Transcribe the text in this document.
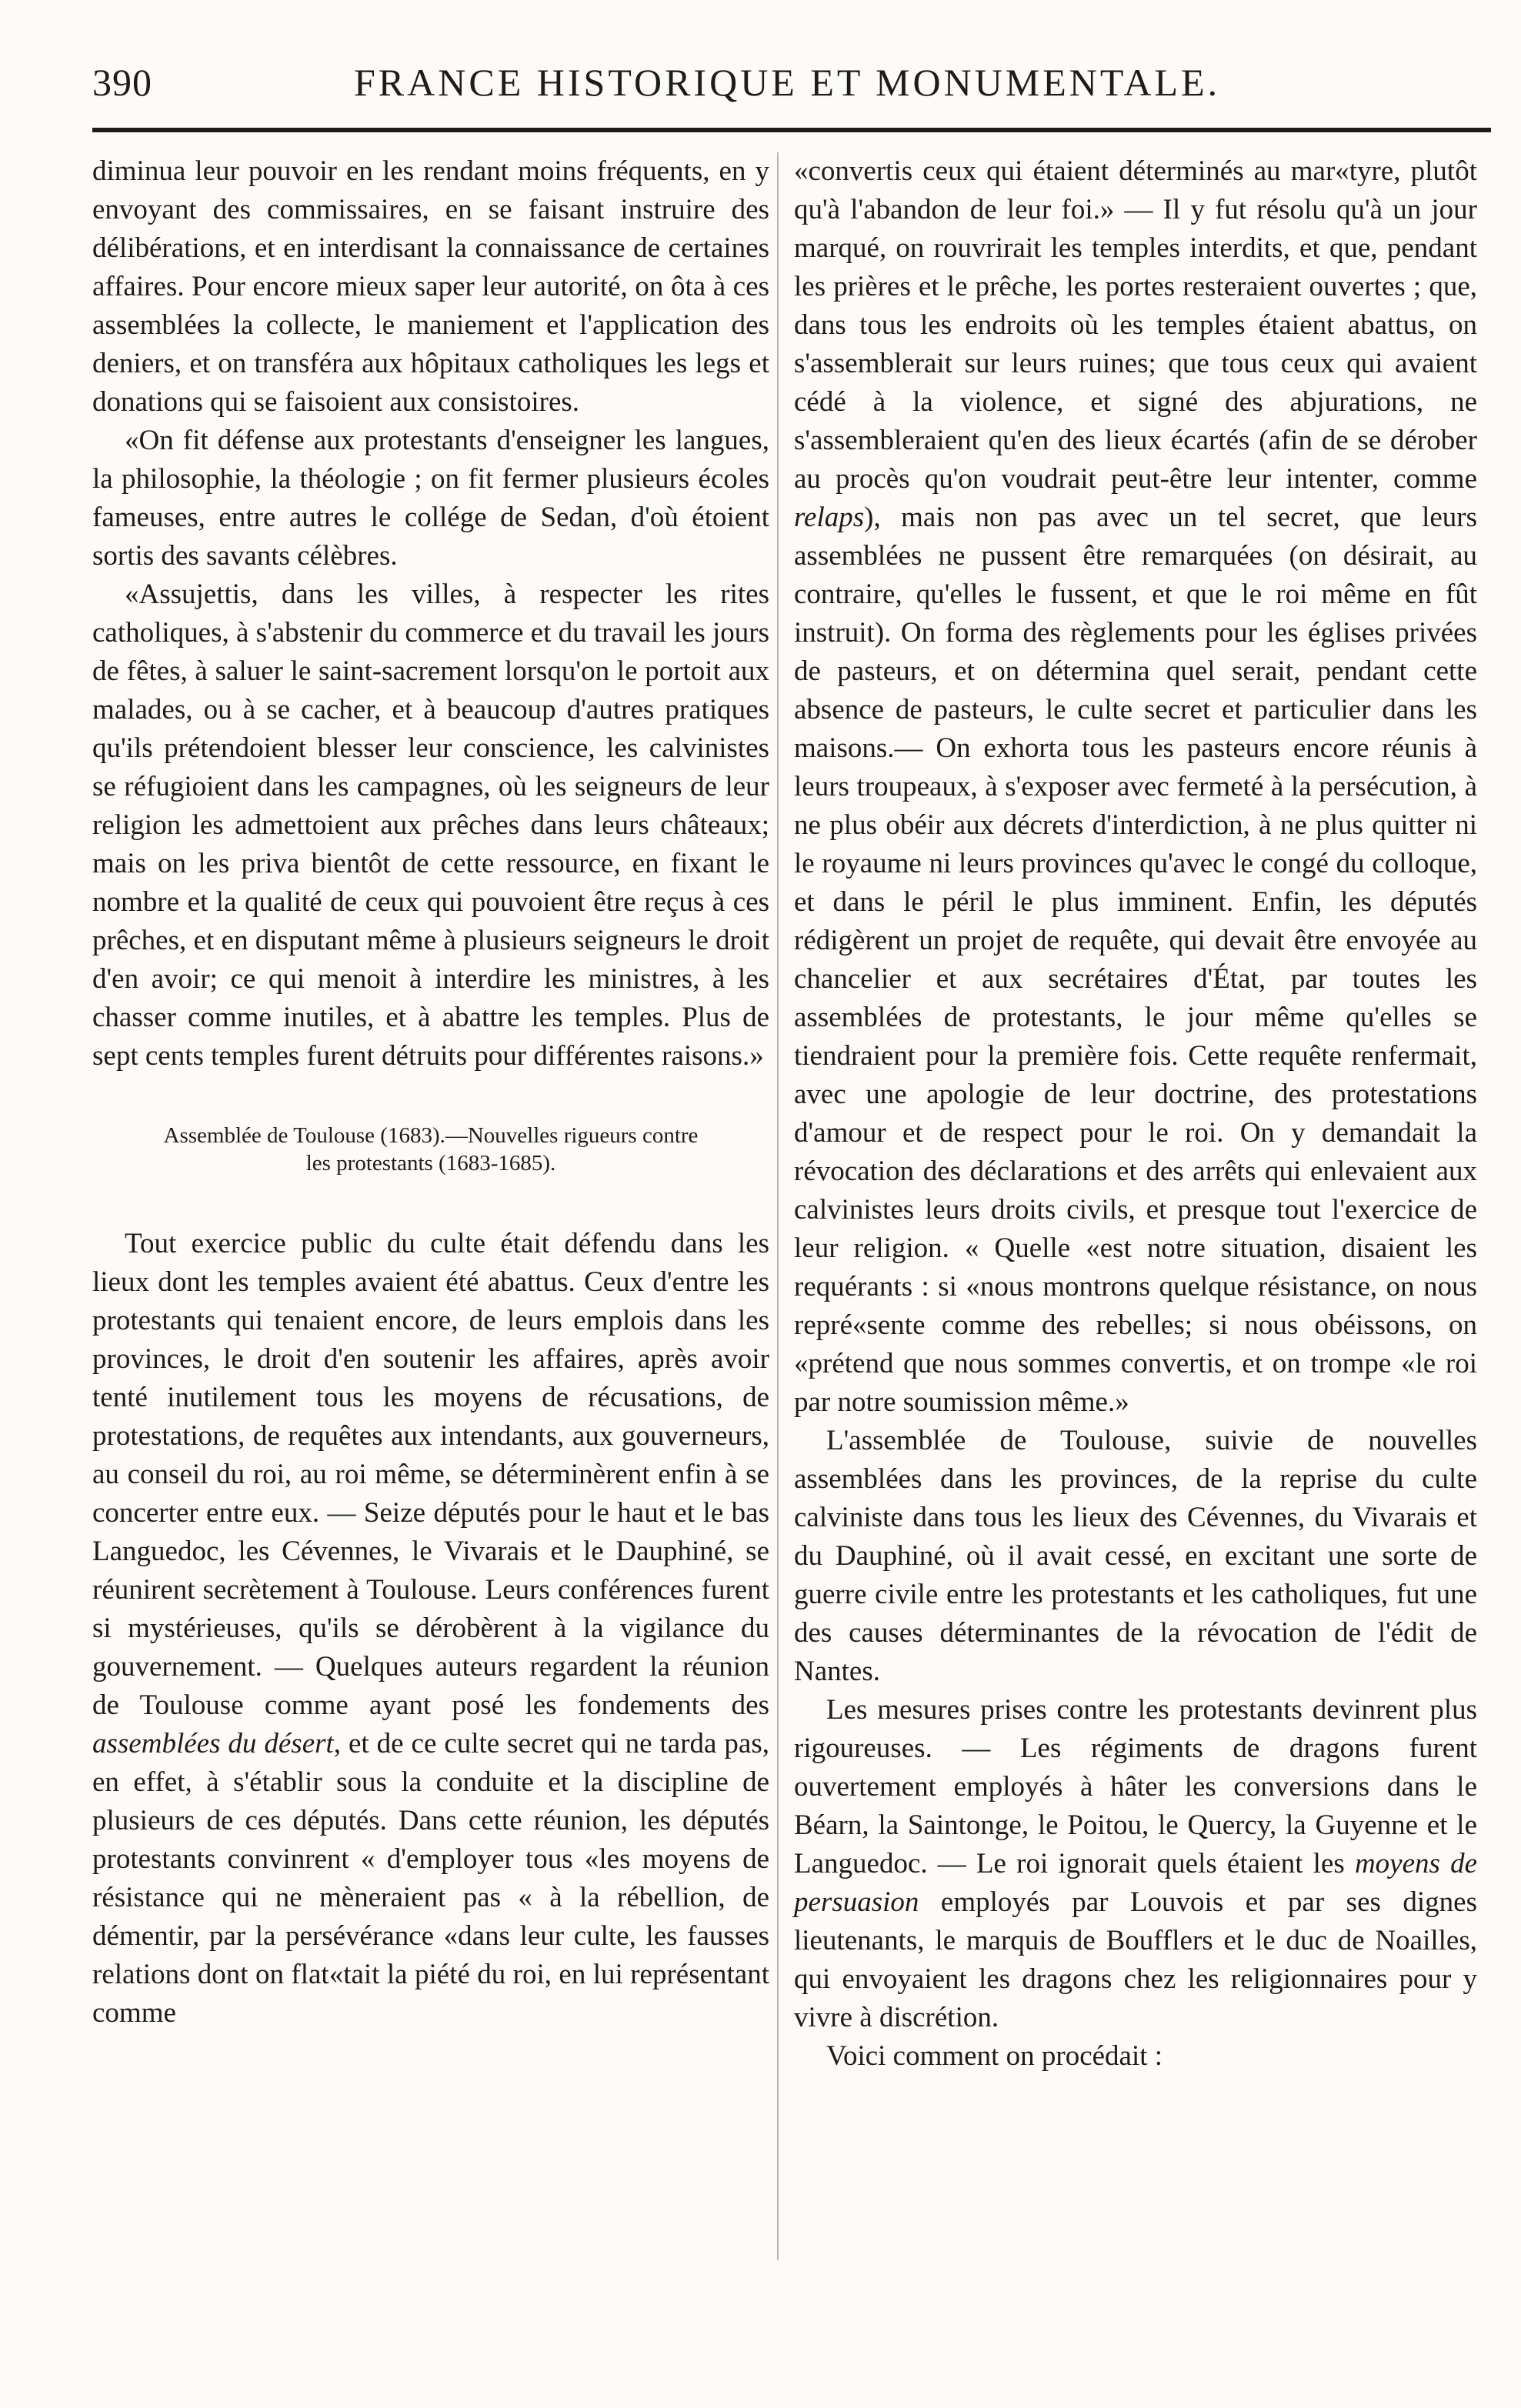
390	FRANCE HISTORIQUE ET MONUMENTALE.

diminua leur pouvoir en les rendant moins fréquents, en y envoyant des commissaires, en se faisant instruire des délibérations, et en interdisant la connaissance de certaines affaires. Pour encore mieux saper leur autorité, on ôta à ces assemblées la collecte, le maniement et l'application des deniers, et on transféra aux hôpitaux catholiques les legs et donations qui se faisoient aux consistoires.

«On fit défense aux protestants d'enseigner les langues, la philosophie, la théologie ; on fit fermer plusieurs écoles fameuses, entre autres le collége de Sedan, d'où étoient sortis des savants célèbres.

«Assujettis, dans les villes, à respecter les rites catholiques, à s'abstenir du commerce et du travail les jours de fêtes, à saluer le saint-sacrement lorsqu'on le portoit aux malades, ou à se cacher, et à beaucoup d'autres pratiques qu'ils prétendoient blesser leur conscience, les calvinistes se réfugioient dans les campagnes, où les seigneurs de leur religion les admettoient aux prêches dans leurs châteaux; mais on les priva bientôt de cette ressource, en fixant le nombre et la qualité de ceux qui pouvoient être reçus à ces prêches, et en disputant même à plusieurs seigneurs le droit d'en avoir; ce qui menoit à interdire les ministres, à les chasser comme inutiles, et à abattre les temples. Plus de sept cents temples furent détruits pour différentes raisons.»

Assemblée de Toulouse (1683).—Nouvelles rigueurs contre
les protestants (1683-1685).

Tout exercice public du culte était défendu dans les lieux dont les temples avaient été abattus. Ceux d'entre les protestants qui tenaient encore, de leurs emplois dans les provinces, le droit d'en soutenir les affaires, après avoir tenté inutilement tous les moyens de récusations, de protestations, de requêtes aux intendants, aux gouverneurs, au conseil du roi, au roi même, se déterminèrent enfin à se concerter entre eux. — Seize députés pour le haut et le bas Languedoc, les Cévennes, le Vivarais et le Dauphiné, se réunirent secrètement à Toulouse. Leurs conférences furent si mystérieuses, qu'ils se dérobèrent à la vigilance du gouvernement. — Quelques auteurs regardent la réunion de Toulouse comme ayant posé les fondements des assemblées du désert, et de ce culte secret qui ne tarda pas, en effet, à s'établir sous la conduite et la discipline de plusieurs de ces députés. Dans cette réunion, les députés protestants convinrent « d'employer tous «les moyens de résistance qui ne mèneraient pas « à la rébellion, de démentir, par la persévérance «dans leur culte, les fausses relations dont on flat«tait la piété du roi, en lui représentant comme

«convertis ceux qui étaient déterminés au mar«tyre, plutôt qu'à l'abandon de leur foi.» — Il y fut résolu qu'à un jour marqué, on rouvrirait les temples interdits, et que, pendant les prières et le prêche, les portes resteraient ouvertes ; que, dans tous les endroits où les temples étaient abattus, on s'assemblerait sur leurs ruines; que tous ceux qui avaient cédé à la violence, et signé des abjurations, ne s'assembleraient qu'en des lieux écartés (afin de se dérober au procès qu'on voudrait peut-être leur intenter, comme relaps), mais non pas avec un tel secret, que leurs assemblées ne pussent être remarquées (on désirait, au contraire, qu'elles le fussent, et que le roi même en fût instruit). On forma des règlements pour les églises privées de pasteurs, et on détermina quel serait, pendant cette absence de pasteurs, le culte secret et particulier dans les maisons.— On exhorta tous les pasteurs encore réunis à leurs troupeaux, à s'exposer avec fermeté à la persécution, à ne plus obéir aux décrets d'interdiction, à ne plus quitter ni le royaume ni leurs provinces qu'avec le congé du colloque, et dans le péril le plus imminent. Enfin, les députés rédigèrent un projet de requête, qui devait être envoyée au chancelier et aux secrétaires d'État, par toutes les assemblées de protestants, le jour même qu'elles se tiendraient pour la première fois. Cette requête renfermait, avec une apologie de leur doctrine, des protestations d'amour et de respect pour le roi. On y demandait la révocation des déclarations et des arrêts qui enlevaient aux calvinistes leurs droits civils, et presque tout l'exercice de leur religion. « Quelle «est notre situation, disaient les requérants : si «nous montrons quelque résistance, on nous repré«sente comme des rebelles; si nous obéissons, on «prétend que nous sommes convertis, et on trompe «le roi par notre soumission même.»

L'assemblée de Toulouse, suivie de nouvelles assemblées dans les provinces, de la reprise du culte calviniste dans tous les lieux des Cévennes, du Vivarais et du Dauphiné, où il avait cessé, en excitant une sorte de guerre civile entre les protestants et les catholiques, fut une des causes déterminantes de la révocation de l'édit de Nantes.

Les mesures prises contre les protestants devinrent plus rigoureuses. — Les régiments de dragons furent ouvertement employés à hâter les conversions dans le Béarn, la Saintonge, le Poitou, le Quercy, la Guyenne et le Languedoc. — Le roi ignorait quels étaient les moyens de persuasion employés par Louvois et par ses dignes lieutenants, le marquis de Boufflers et le duc de Noailles, qui envoyaient les dragons chez les religionnaires pour y vivre à discrétion.

Voici comment on procédait :
